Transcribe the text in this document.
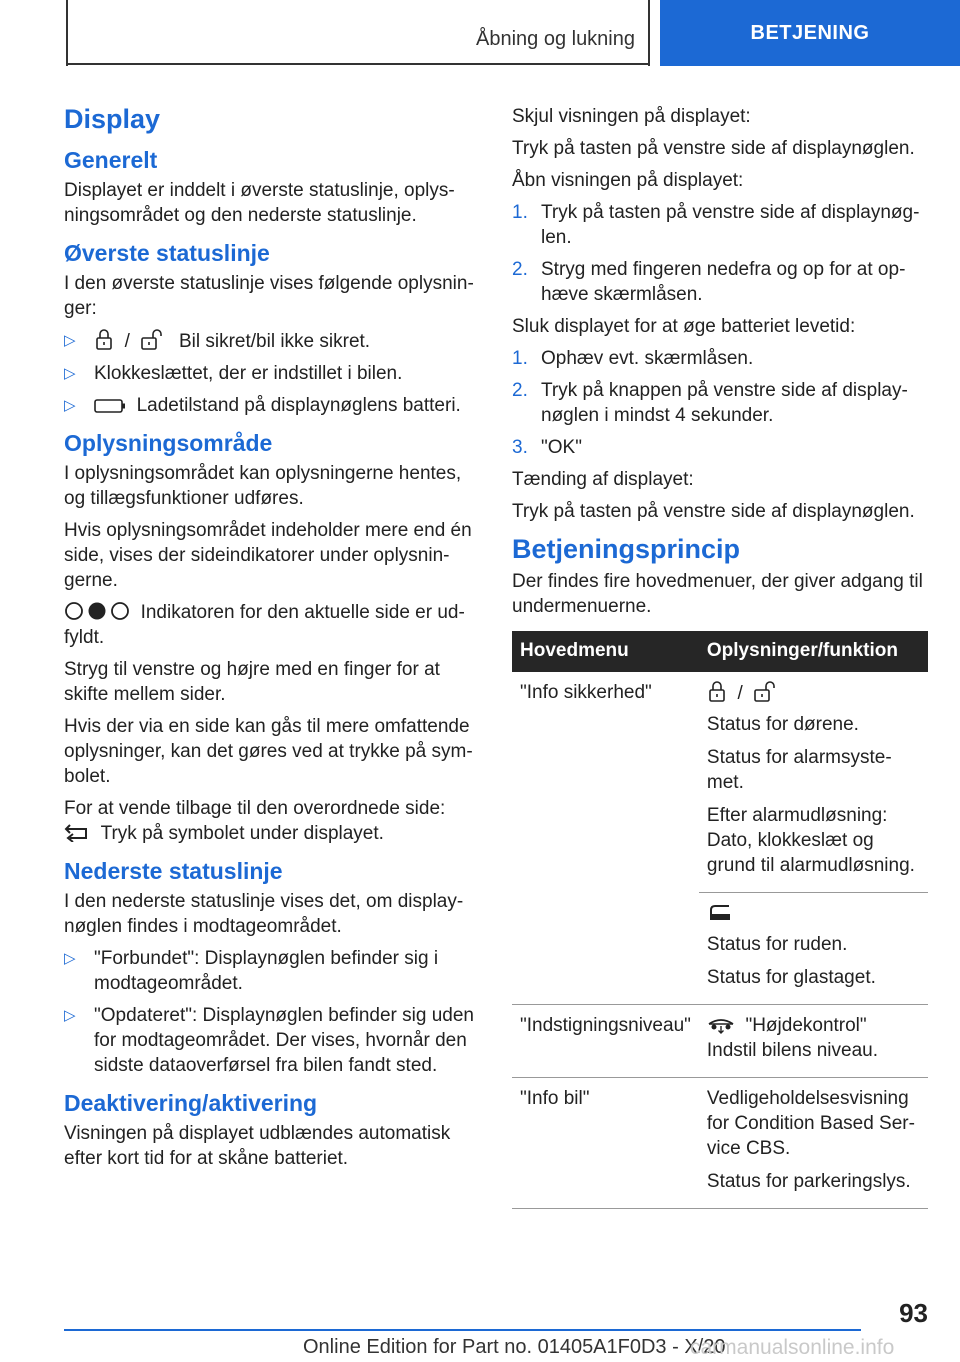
Åbning og lukning	BETJENING
Display
Generelt

Displayet er inddelt i øverste statuslinje, oplysningsområdet og den nederste statuslinje.

Øverste statuslinje

I den øverste statuslinje vises følgende oplysninger:

▷	/	Bil sikret/bil ikke sikret.
▷ Klokkeslættet, der er indstillet i bilen.
▷	Ladetilstand på displaynøglens batteri.
Oplysningsområde

I oplysningsområdet kan oplysningerne hentes, og tillægsfunktioner udføres.

Hvis oplysningsområdet indeholder mere end én side, vises der sideindikatorer under oplysningerne.

Indikatoren for den aktuelle side er udfyldt.

Stryg til venstre og højre med en finger for at skifte mellem sider.

Hvis der via en side kan gås til mere omfattende oplysninger, kan det gøres ved at trykke på symbolet.

For at vende tilbage til den overordnede side:

Tryk på symbolet under displayet.

Nederste statuslinje

I den nederste statuslinje vises det, om displaynøglen findes i modtageområdet.

▷ "Forbundet": Displaynøglen befinder sig i modtageområdet.
▷ "Opdateret": Displaynøglen befinder sig uden for modtageområdet. Der vises, hvornår den sidste dataoverførsel fra bilen fandt sted.
Deaktivering/aktivering

Visningen på displayet udblændes automatisk efter kort tid for at skåne batteriet.

Skjul visningen på displayet:

Tryk på tasten på venstre side af displaynøglen.

Åbn visningen på displayet:

1. Tryk på tasten på venstre side af displaynøglen.
2. Stryg med fingeren nedefra og op for at ophæve skærmlåsen.

Sluk displayet for at øge batteriet levetid:

1. Ophæv evt. skærmlåsen.
2. Tryk på knappen på venstre side af displaynøglen i mindst 4 sekunder.
3. "OK"

Tænding af displayet:

Tryk på tasten på venstre side af displaynøglen.

Betjeningsprincip

Der findes fire hovedmenuer, der giver adgang til undermenuerne.

Hovedmenu	Oplysninger/funktion
"Info sikkerhed"	/

Status for dørene.

Status for alarmsystemet.

Efter alarmudløsning: Dato, klokkeslæt og grund til alarmudløsning.

	Status for ruden.

Status for glastaget.

"Indstigningsniveau"	"Højdekontrol" Indstil bilens niveau.

"Info bil"	Vedligeholdelsesvisning for Condition Based Service CBS.

Status for parkeringslys.

93
Online Edition for Part no. 01405A1F0D3 - X/20
carmanualsonline.info
